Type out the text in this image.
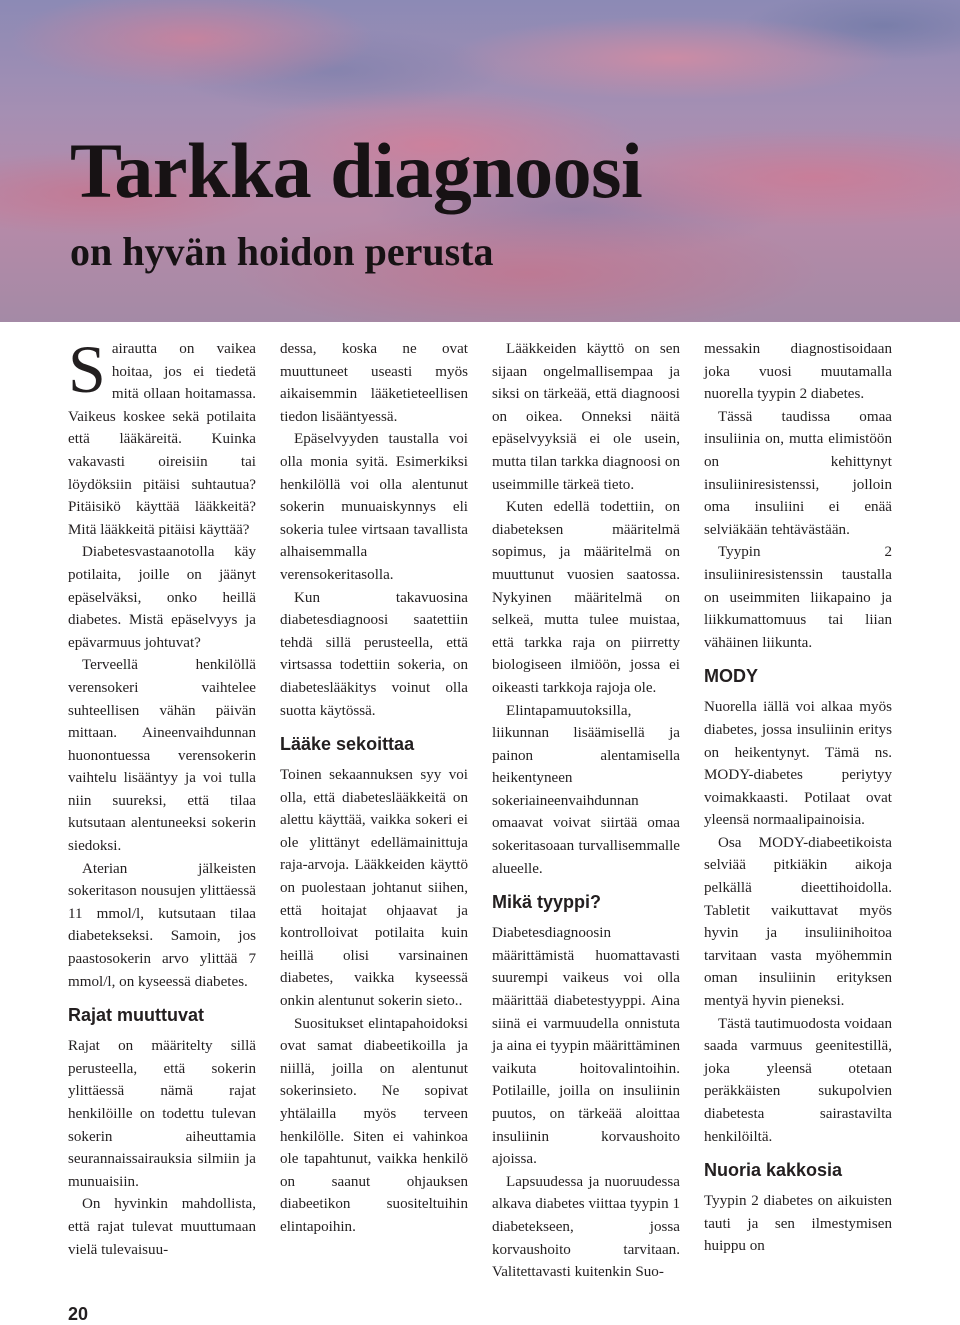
Tarkka diagnoosi
on hyvän hoidon perusta

Sairautta on vaikea hoitaa, jos ei tiedetä mitä ollaan hoitamassa. Vaikeus koskee sekä potilaita että lääkäreitä. Kuinka vakavasti oireisiin tai löydöksiin pitäisi suhtautua? Pitäisikö käyttää lääkkeitä? Mitä lääkkeitä pitäisi käyttää?

Diabetesvastaanotolla käy potilaita, joille on jäänyt epäselväksi, onko heillä diabetes. Mistä epäselvyys ja epävarmuus johtuvat?

Terveellä henkilöllä verensokeri vaihtelee suhteellisen vähän päivän mittaan. Aineenvaihdunnan huonontuessa verensokerin vaihtelu lisääntyy ja voi tulla niin suureksi, että tilaa kutsutaan alentuneeksi sokerin siedoksi.

Aterian jälkeisten sokeritason nousujen ylittäessä 11 mmol/l, kutsutaan tilaa diabetekseksi. Samoin, jos paastosokerin arvo ylittää 7 mmol/l, on kyseessä diabetes.

Rajat muuttuvat

Rajat on määritelty sillä perusteella, että sokerin ylittäessä nämä rajat henkilöille on todettu tulevan sokerin aiheuttamia seurannaissairauksia silmiin ja munuaisiin.

On hyvinkin mahdollista, että rajat tulevat muuttumaan vielä tulevaisuu-

dessa, koska ne ovat muuttuneet useasti myös aikaisemmin lääketieteellisen tiedon lisääntyessä.

Epäselvyyden taustalla voi olla monia syitä. Esimerkiksi henkilöllä voi olla alentunut sokerin munuaiskynnys eli sokeria tulee virtsaan tavallista alhaisemmalla verensokeritasolla.

Kun takavuosina diabetesdiagnoosi saatettiin tehdä sillä perusteella, että virtsassa todettiin sokeria, on diabeteslääkitys voinut olla suotta käytössä.

Lääke sekoittaa

Toinen sekaannuksen syy voi olla, että diabeteslääkkeitä on alettu käyttää, vaikka sokeri ei ole ylittänyt edellämainittuja raja-arvoja. Lääkkeiden käyttö on puolestaan johtanut siihen, että hoitajat ohjaavat ja kontrolloivat potilaita kuin heillä olisi varsinainen diabetes, vaikka kyseessä onkin alentunut sokerin sieto..

Suositukset elintapahoidoksi ovat samat diabeetikoilla ja niillä, joilla on alentunut sokerinsieto. Ne sopivat yhtälailla myös terveen henkilölle. Siten ei vahinkoa ole tapahtunut, vaikka henkilö on saanut ohjauksen diabeetikon suositeltuihin elintapoihin.

Lääkkeiden käyttö on sen sijaan ongelmallisempaa ja siksi on tärkeää, että diagnoosi on oikea. Onneksi näitä epäselvyyksiä ei ole usein, mutta tilan tarkka diagnoosi on useimmille tärkeä tieto.

Kuten edellä todettiin, on diabeteksen määritelmä sopimus, ja määritelmä on muuttunut vuosien saatossa. Nykyinen määritelmä on selkeä, mutta tulee muistaa, että tarkka raja on piirretty biologiseen ilmiöön, jossa ei oikeasti tarkkoja rajoja ole.

Elintapamuutoksilla, liikunnan lisäämisellä ja painon alentamisella heikentyneen sokeriaineenvaihdunnan omaavat voivat siirtää omaa sokeritasoaan turvallisemmalle alueelle.

Mikä tyyppi?

Diabetesdiagnoosin määrittämistä huomattavasti suurempi vaikeus voi olla määrittää diabetestyyppi. Aina siinä ei varmuudella onnistuta ja aina ei tyypin määrittäminen vaikuta hoitovalintoihin. Potilaille, joilla on insuliinin puutos, on tärkeää aloittaa insuliinin korvaushoito ajoissa.

Lapsuudessa ja nuoruudessa alkava diabetes viittaa tyypin 1 diabetekseen, jossa korvaushoito tarvitaan. Valitettavasti kuitenkin Suo-

messakin diagnostisoidaan joka vuosi muutamalla nuorella tyypin 2 diabetes.

Tässä taudissa omaa insuliinia on, mutta elimistöön on kehittynyt insuliiniresistenssi, jolloin oma insuliini ei enää selviäkään tehtävästään.

Tyypin 2 insuliiniresistenssin taustalla on useimmiten liikapaino ja liikkumattomuus tai liian vähäinen liikunta.

MODY

Nuorella iällä voi alkaa myös diabetes, jossa insuliinin eritys on heikentynyt. Tämä ns. MODY-diabetes periytyy voimakkaasti. Potilaat ovat yleensä normaalipainoisia.

Osa MODY-diabeetikoista selviää pitkiäkin aikoja pelkällä dieettihoidolla. Tabletit vaikuttavat myös hyvin ja insuliinihoitoa tarvitaan vasta myöhemmin oman insuliinin erityksen mentyä hyvin pieneksi.

Tästä tautimuodosta voidaan saada varmuus geenitestillä, joka yleensä otetaan peräkkäisten sukupolvien diabetesta sairastavilta henkilöiltä.

Nuoria kakkosia

Tyypin 2 diabetes on aikuisten tauti ja sen ilmestymisen huippu on

20
